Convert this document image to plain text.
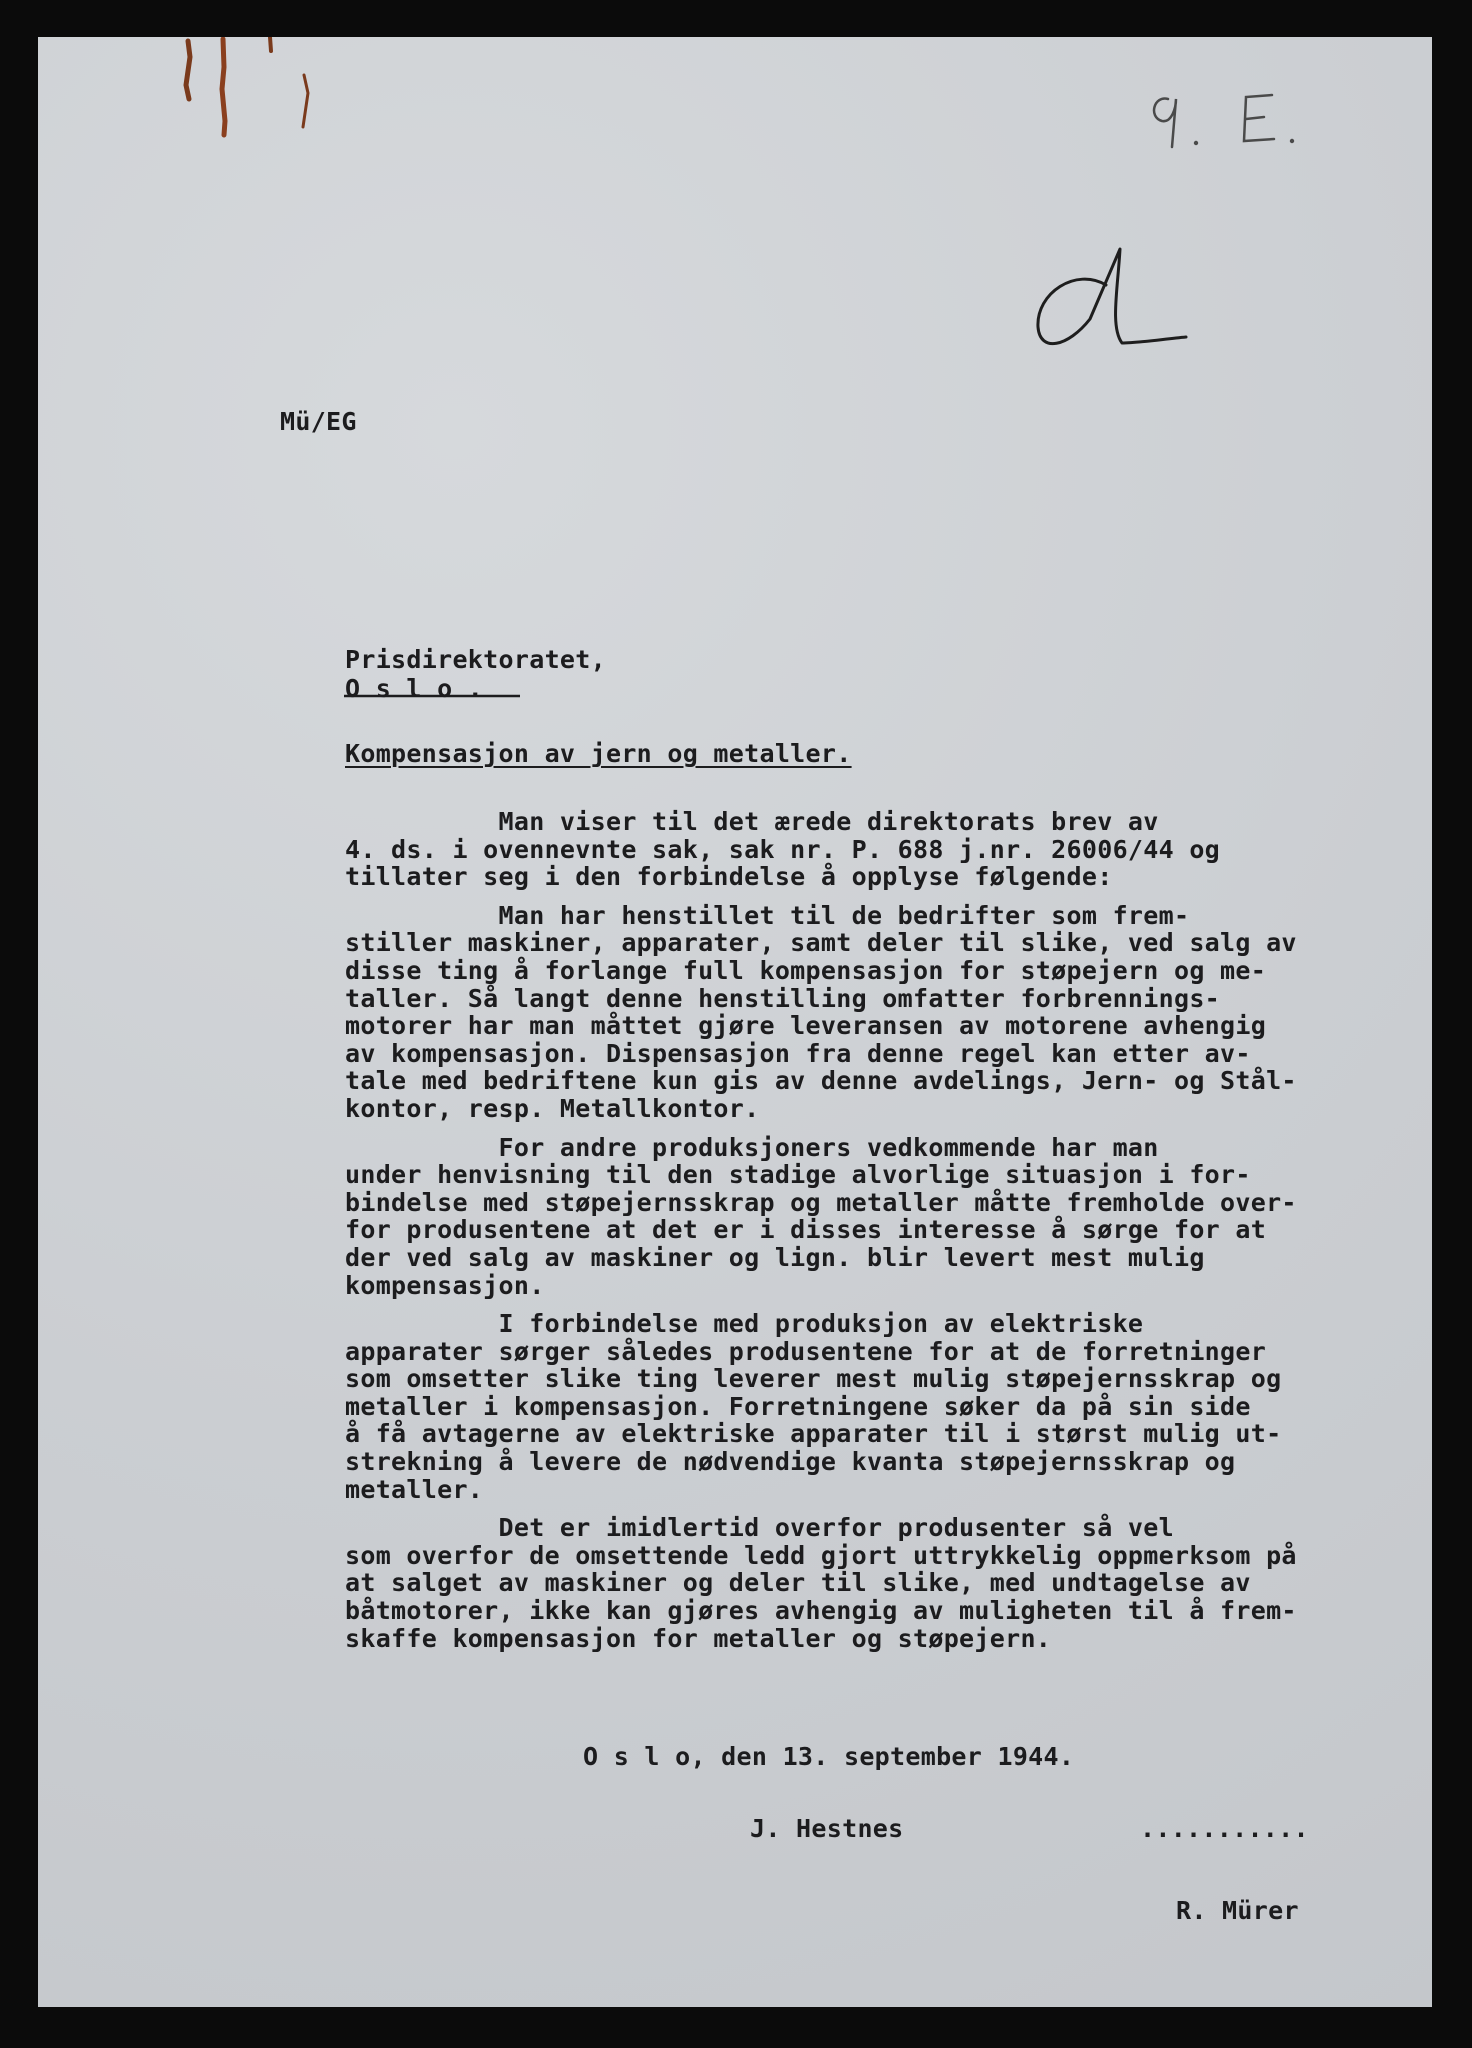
Mü/EG
Prisdirektoratet,
O s l o .
Kompensasjon av jern og metaller.
Man viser til det ærede direktorats brev av
4. ds. i ovennevnte sak, sak nr. P. 688 j.nr. 26006/44 og
tillater seg i den forbindelse å opplyse følgende:
Man har henstillet til de bedrifter som frem-
stiller maskiner, apparater, samt deler til slike, ved salg av
disse ting å forlange full kompensasjon for støpejern og me-
taller. Så langt denne henstilling omfatter forbrennings-
motorer har man måttet gjøre leveransen av motorene avhengig
av kompensasjon. Dispensasjon fra denne regel kan etter av-
tale med bedriftene kun gis av denne avdelings, Jern- og Stål-
kontor, resp. Metallkontor.
For andre produksjoners vedkommende har man
under henvisning til den stadige alvorlige situasjon i for-
bindelse med støpejernsskrap og metaller måtte fremholde over-
for produsentene at det er i disses interesse å sørge for at
der ved salg av maskiner og lign. blir levert mest mulig
kompensasjon.
I forbindelse med produksjon av elektriske
apparater sørger således produsentene for at de forretninger
som omsetter slike ting leverer mest mulig støpejernsskrap og
metaller i kompensasjon. Forretningene søker da på sin side
å få avtagerne av elektriske apparater til i størst mulig ut-
strekning å levere de nødvendige kvanta støpejernsskrap og
metaller.
Det er imidlertid overfor produsenter så vel
som overfor de omsettende ledd gjort uttrykkelig oppmerksom på
at salget av maskiner og deler til slike, med undtagelse av
båtmotorer, ikke kan gjøres avhengig av muligheten til å frem-
skaffe kompensasjon for metaller og støpejern.
O s l o, den 13. september 1944.
J. Hestnes	...........
R. Mürer
